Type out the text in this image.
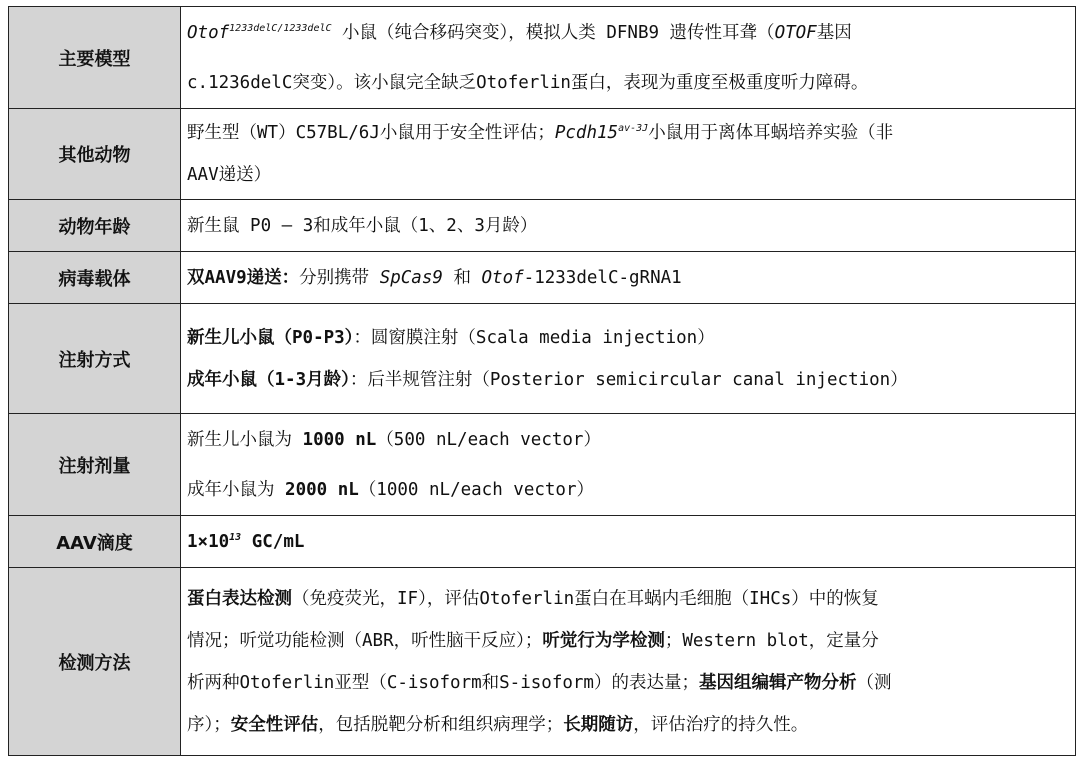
主要模型	Otof$^{1233delC/1233delC}$ 小鼠（纯合移码突变），模拟人类 DFNB9 遗传性耳聋（OTOF基因
c.1236delC突变）。该小鼠完全缺乏Otoferlin蛋白，表现为重度至极重度听力障碍。

其他动物	野生型（WT）C57BL/6J小鼠用于安全性评估；$Pcdh15^{av-3J}$小鼠用于离体耳蜗培养实验（非
AAV递送）

动物年龄	新生鼠 P0 – 3和成年小鼠（1、2、3月龄）
病毒载体	双AAV9递送：分别携带 SpCas9 和 Otof-1233delC-gRNA1
注射方式	新生儿小鼠（P0-P3）：圆窗膜注射（Scala media injection）
成年小鼠（1-3月龄）：后半规管注射（Posterior semicircular canal injection）

注射剂量	新生儿小鼠为 1000 nL（500 nL/each vector）
成年小鼠为 2000 nL（1000 nL/each vector）

AAV滴度	$1\times 10^{13}$ GC/mL
检测方法	蛋白表达检测（免疫荧光，IF），评估Otoferlin蛋白在耳蜗内毛细胞（IHCs）中的恢复
情况；听觉功能检测（ABR，听性脑干反应）；听觉行为学检测；Western blot，定量分
析两种Otoferlin亚型（C-isoform和S-isoform）的表达量；基因组编辑产物分析（测
序）；安全性评估，包括脱靶分析和组织病理学；长期随访，评估治疗的持久性。
